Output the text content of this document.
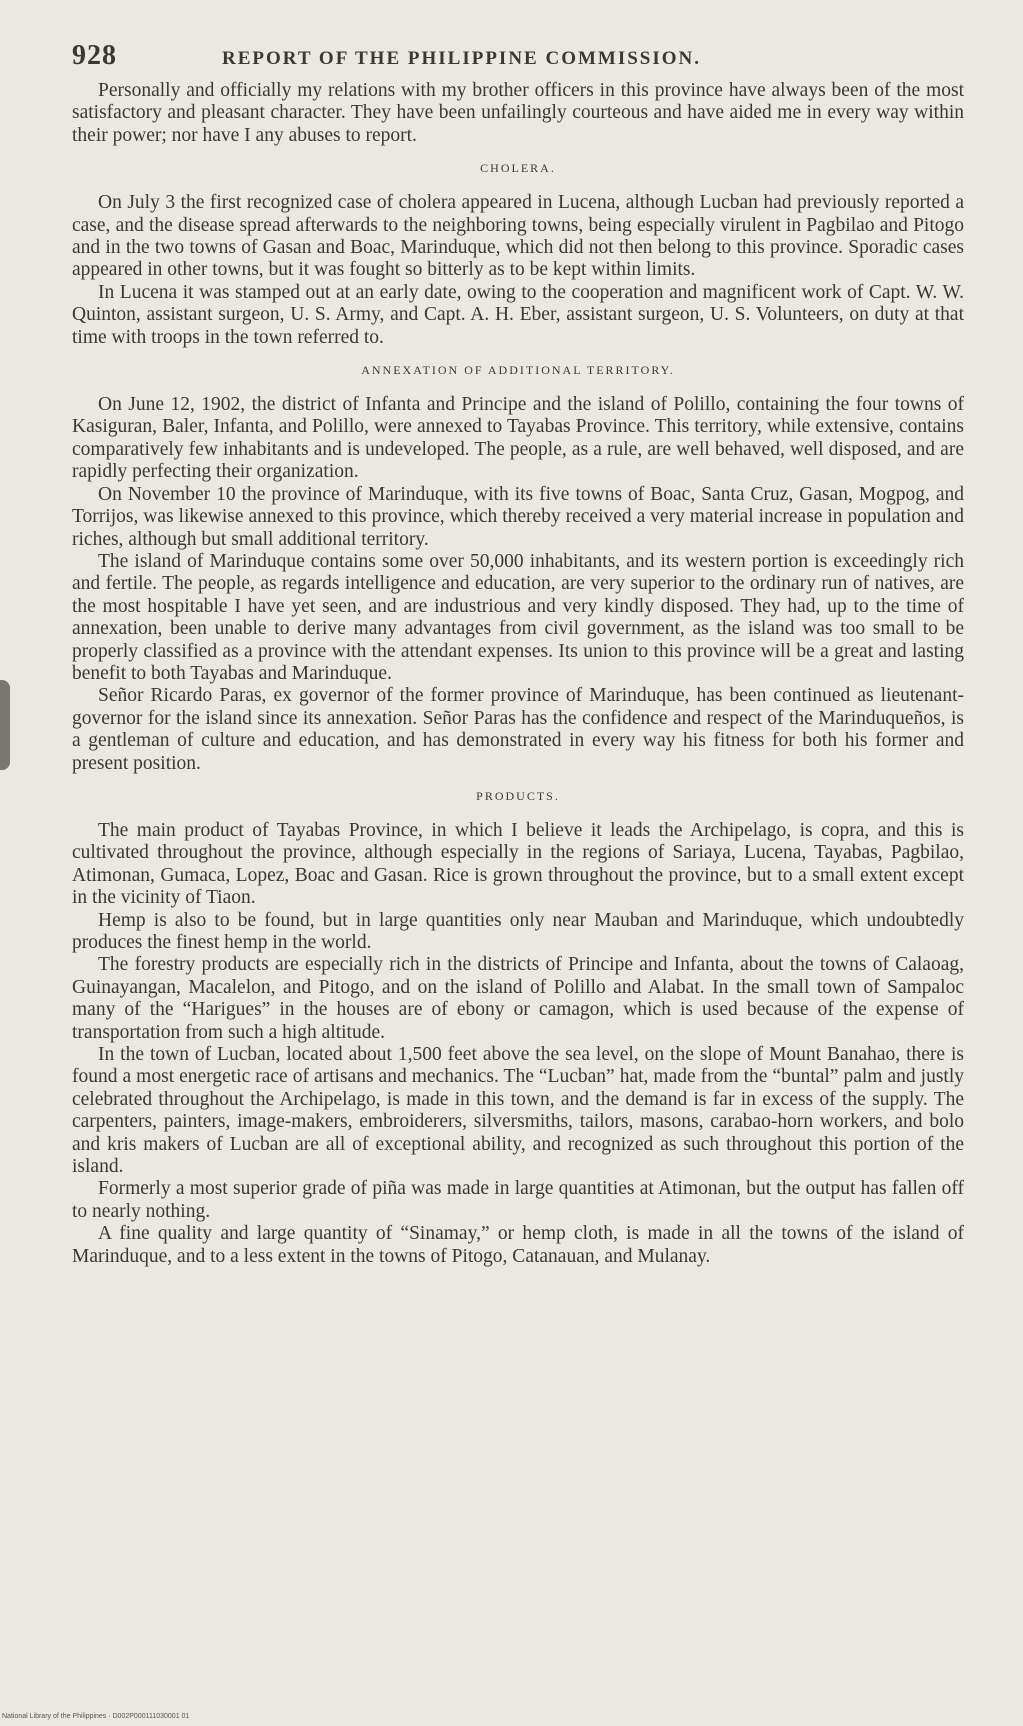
928	REPORT OF THE PHILIPPINE COMMISSION.

Personally and officially my relations with my brother officers in this province have always been of the most satisfactory and pleasant character. They have been unfailingly courteous and have aided me in every way within their power; nor have I any abuses to report.

CHOLERA.

On July 3 the first recognized case of cholera appeared in Lucena, although Lucban had previously reported a case, and the disease spread afterwards to the neighboring towns, being especially virulent in Pagbilao and Pitogo and in the two towns of Gasan and Boac, Marinduque, which did not then belong to this province. Sporadic cases appeared in other towns, but it was fought so bitterly as to be kept within limits.

In Lucena it was stamped out at an early date, owing to the cooperation and magnificent work of Capt. W. W. Quinton, assistant surgeon, U. S. Army, and Capt. A. H. Eber, assistant surgeon, U. S. Volunteers, on duty at that time with troops in the town referred to.

ANNEXATION OF ADDITIONAL TERRITORY.

On June 12, 1902, the district of Infanta and Principe and the island of Polillo, containing the four towns of Kasiguran, Baler, Infanta, and Polillo, were annexed to Tayabas Province. This territory, while extensive, contains comparatively few inhabitants and is undeveloped. The people, as a rule, are well behaved, well disposed, and are rapidly perfecting their organization.

On November 10 the province of Marinduque, with its five towns of Boac, Santa Cruz, Gasan, Mogpog, and Torrijos, was likewise annexed to this province, which thereby received a very material increase in population and riches, although but small additional territory.

The island of Marinduque contains some over 50,000 inhabitants, and its western portion is exceedingly rich and fertile. The people, as regards intelligence and education, are very superior to the ordinary run of natives, are the most hospitable I have yet seen, and are industrious and very kindly disposed. They had, up to the time of annexation, been unable to derive many advantages from civil government, as the island was too small to be properly classified as a province with the attendant expenses. Its union to this province will be a great and lasting benefit to both Tayabas and Marinduque.

Señor Ricardo Paras, ex governor of the former province of Marinduque, has been continued as lieutenant-governor for the island since its annexation. Señor Paras has the confidence and respect of the Marinduqueños, is a gentleman of culture and education, and has demonstrated in every way his fitness for both his former and present position.

PRODUCTS.

The main product of Tayabas Province, in which I believe it leads the Archipelago, is copra, and this is cultivated throughout the province, although especially in the regions of Sariaya, Lucena, Tayabas, Pagbilao, Atimonan, Gumaca, Lopez, Boac and Gasan. Rice is grown throughout the province, but to a small extent except in the vicinity of Tiaon.

Hemp is also to be found, but in large quantities only near Mauban and Marinduque, which undoubtedly produces the finest hemp in the world.

The forestry products are especially rich in the districts of Principe and Infanta, about the towns of Calaoag, Guinayangan, Macalelon, and Pitogo, and on the island of Polillo and Alabat. In the small town of Sampaloc many of the “Harigues” in the houses are of ebony or camagon, which is used because of the expense of transportation from such a high altitude.

In the town of Lucban, located about 1,500 feet above the sea level, on the slope of Mount Banahao, there is found a most energetic race of artisans and mechanics. The “Lucban” hat, made from the “buntal” palm and justly celebrated throughout the Archipelago, is made in this town, and the demand is far in excess of the supply. The carpenters, painters, image-makers, embroiderers, silversmiths, tailors, masons, carabao-horn workers, and bolo and kris makers of Lucban are all of exceptional ability, and recognized as such throughout this portion of the island.

Formerly a most superior grade of piña was made in large quantities at Atimonan, but the output has fallen off to nearly nothing.

A fine quality and large quantity of “Sinamay,” or hemp cloth, is made in all the towns of the island of Marinduque, and to a less extent in the towns of Pitogo, Catanauan, and Mulanay.

National Library of the Philippines · D002P000111030001 01
